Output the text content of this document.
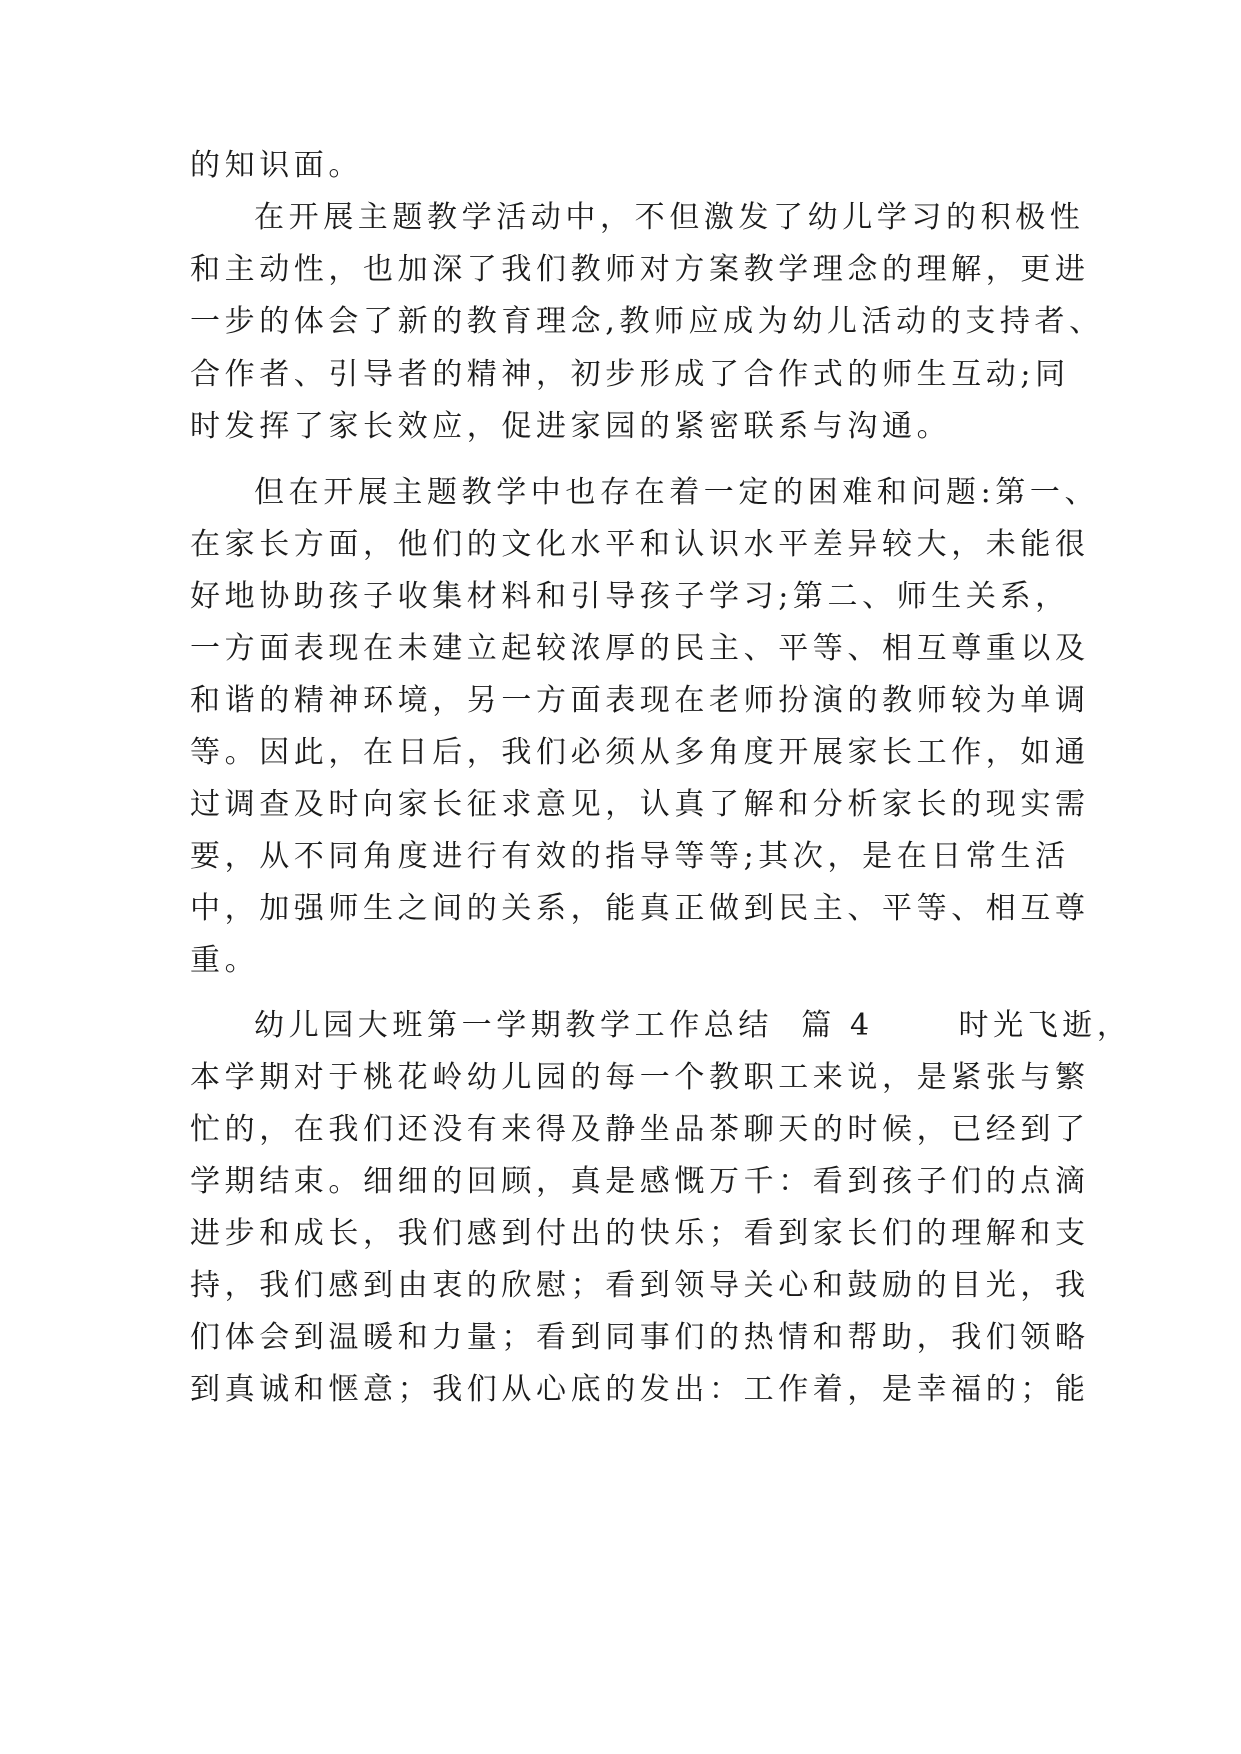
的知识面。
在开展主题教学活动中，不但激发了幼儿学习的积极性
和主动性，也加深了我们教师对方案教学理念的理解，更进
一步的体会了新的教育理念,教师应成为幼儿活动的支持者、
合作者、引导者的精神，初步形成了合作式的师生互动;同
时发挥了家长效应，促进家园的紧密联系与沟通。
但在开展主题教学中也存在着一定的困难和问题:第一、
在家长方面，他们的文化水平和认识水平差异较大，未能很
好地协助孩子收集材料和引导孩子学习;第二、师生关系，
一方面表现在未建立起较浓厚的民主、平等、相互尊重以及
和谐的精神环境，另一方面表现在老师扮演的教师较为单调
等。因此，在日后，我们必须从多角度开展家长工作，如通
过调查及时向家长征求意见，认真了解和分析家长的现实需
要，从不同角度进行有效的指导等等;其次，是在日常生活
中，加强师生之间的关系，能真正做到民主、平等、相互尊
重。
幼儿园大班第一学期教学工作总结  篇 4      时光飞逝，
本学期对于桃花岭幼儿园的每一个教职工来说，是紧张与繁
忙的，在我们还没有来得及静坐品茶聊天的时候，已经到了
学期结束。细细的回顾，真是感慨万千：看到孩子们的点滴
进步和成长，我们感到付出的快乐；看到家长们的理解和支
持，我们感到由衷的欣慰；看到领导关心和鼓励的目光，我
们体会到温暖和力量；看到同事们的热情和帮助，我们领略
到真诚和惬意；我们从心底的发出：工作着，是幸福的；能
